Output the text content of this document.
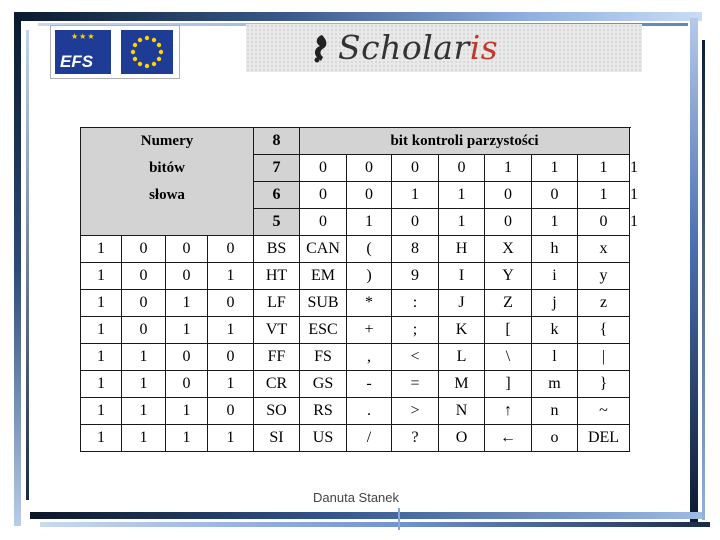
★★★
EFS	Scholaris
Numery				8	bit kontroli parzystości							
bitów				7	0	0	0	0	1	1	1	1
słowa				6	0	0	1	1	0	0	1	1
				5	0	1	0	1	0	1	0	1
1	0	0	0	BS	CAN	(	8	H	X	h	x	
1	0	0	1	HT	EM	)	9	I	Y	i	y	
1	0	1	0	LF	SUB	*	:	J	Z	j	z	
1	0	1	1	VT	ESC	+	;	K	[	k	{	
1	1	0	0	FF	FS	,	<	L	\	l	|	
1	1	0	1	CR	GS	-	=	M	]	m	}	
1	1	1	0	SO	RS	.	>	N	↑	n	~	
1	1	1	1	SI	US	/	?	O	←	o	DEL	
Danuta Stanek
